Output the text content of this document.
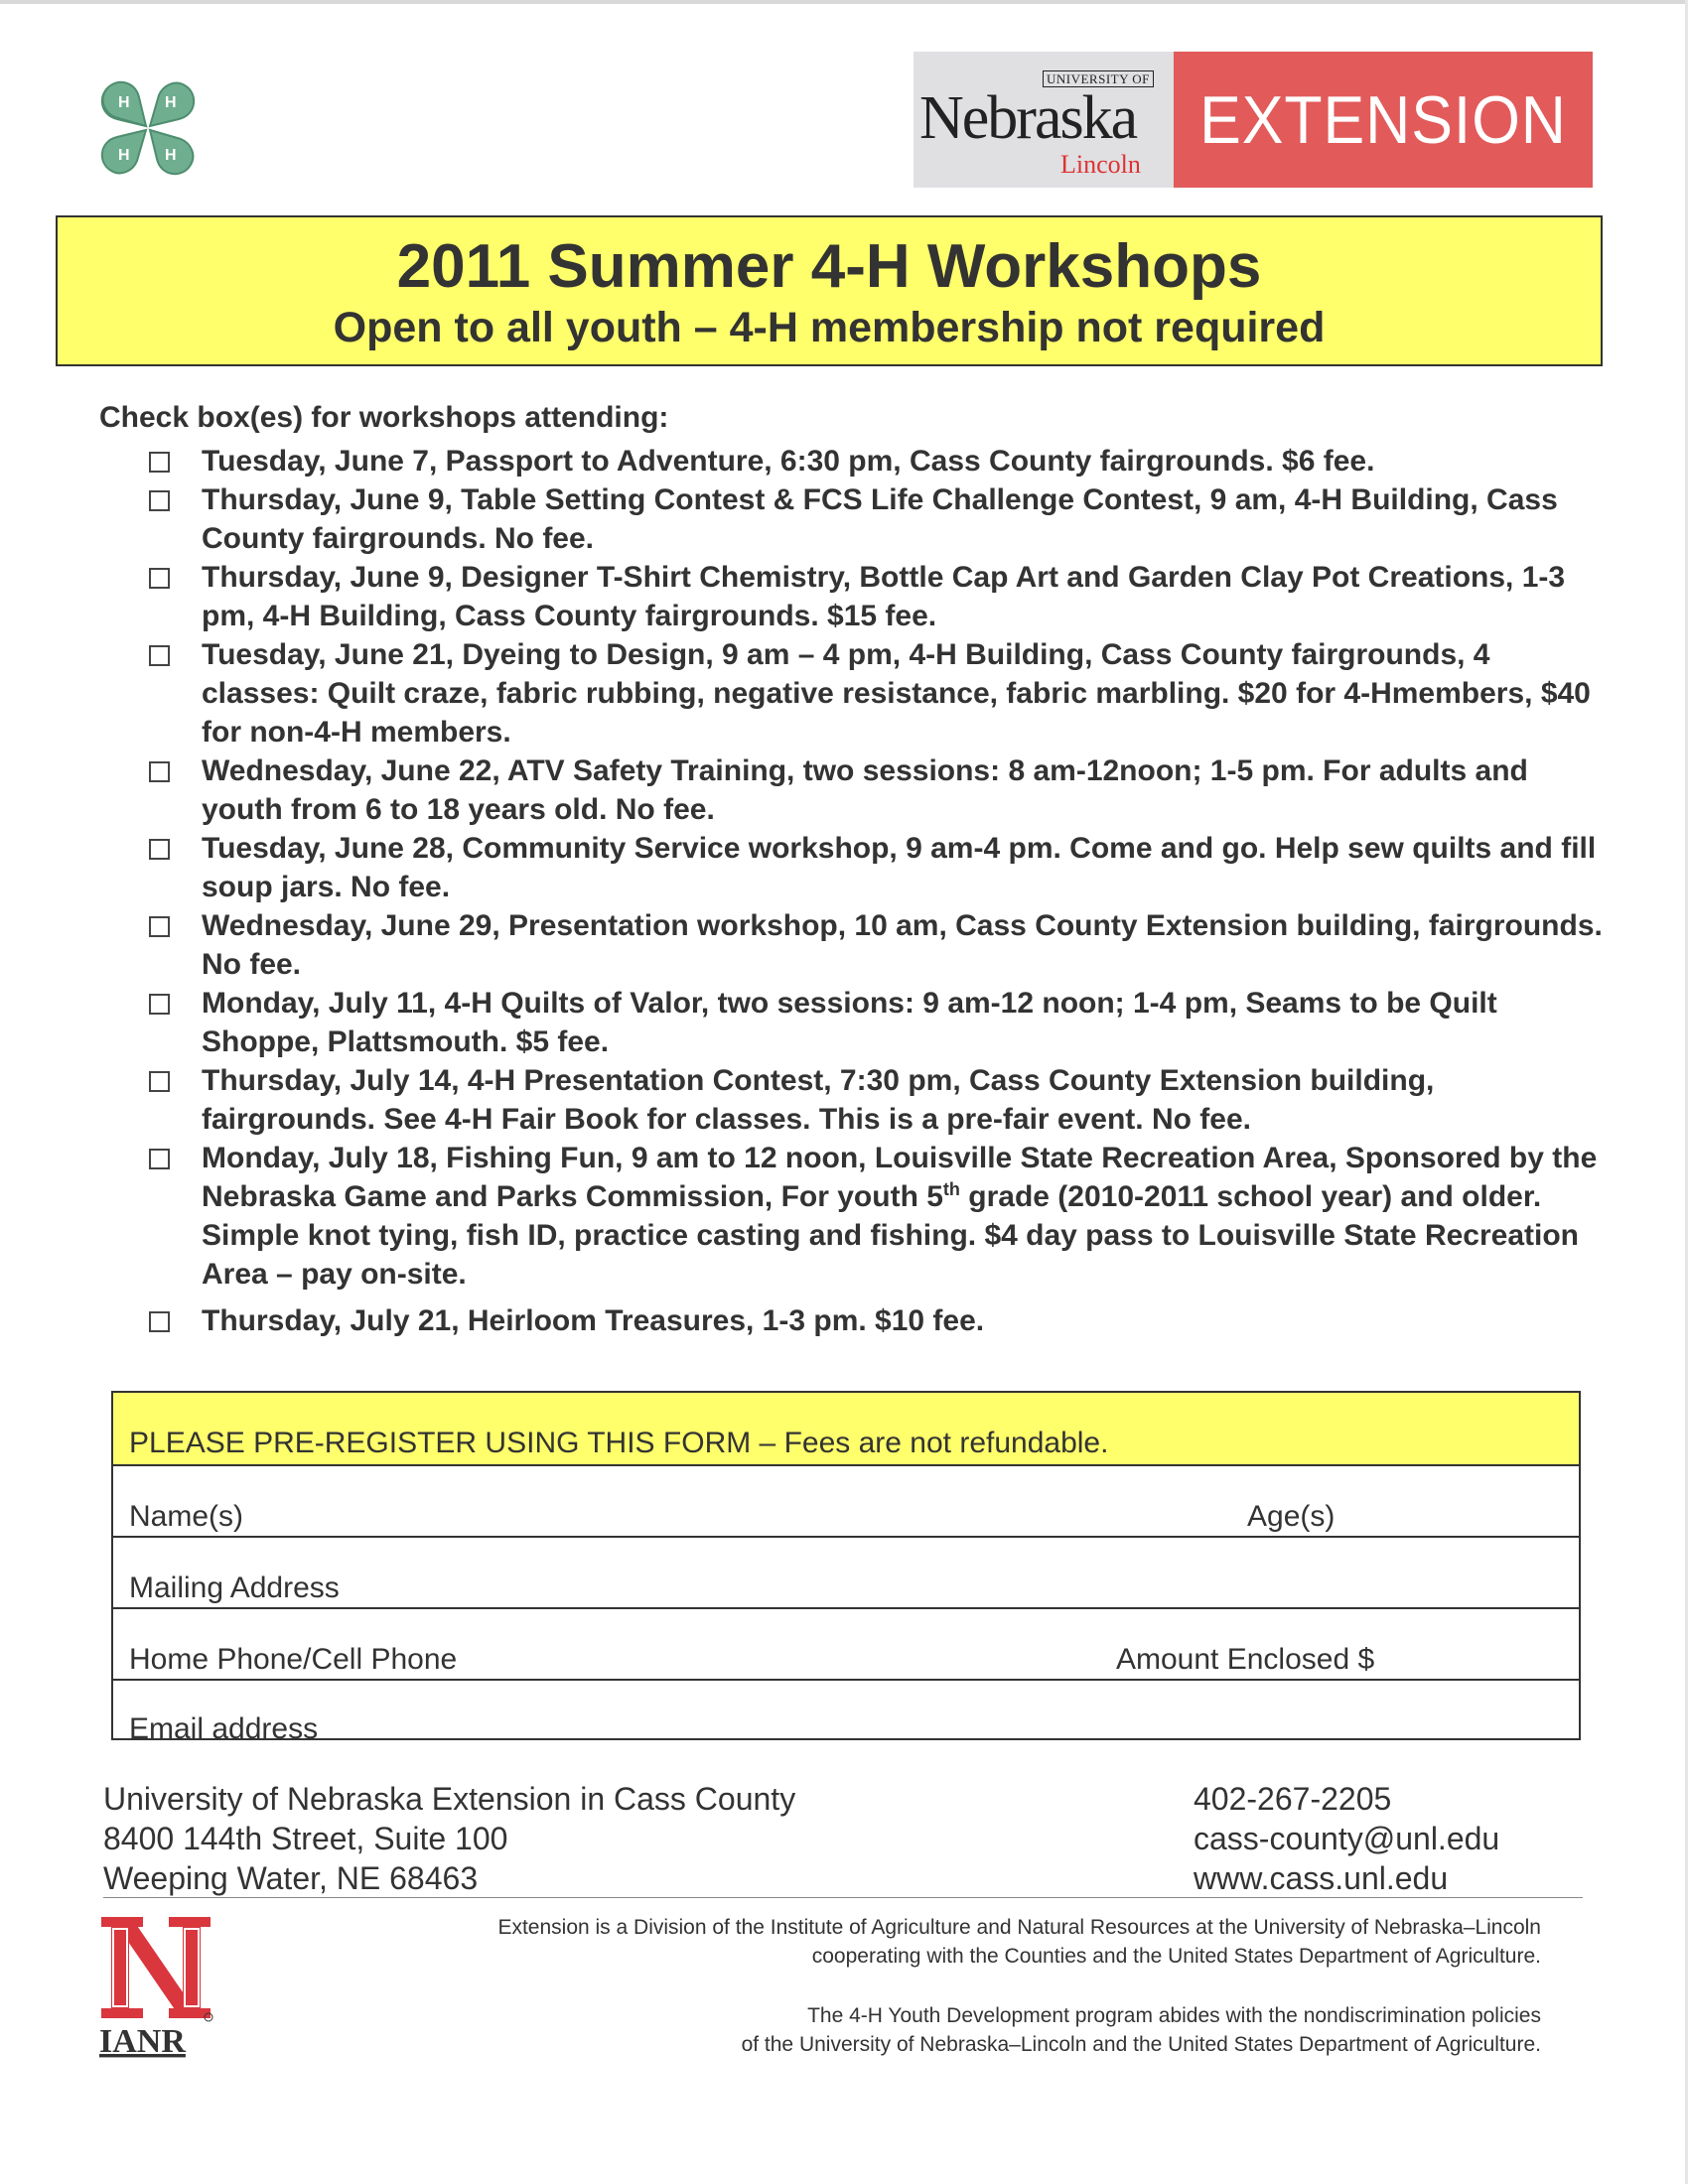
H H
H H
UNIVERSITY OF
Nebraska
Lincoln
EXTENSION
2011 Summer 4-H Workshops
Open to all youth – 4-H membership not required
Check box(es) for workshops attending:
Tuesday, June 7, Passport to Adventure, 6:30 pm, Cass County fairgrounds. $6 fee.
Thursday, June 9, Table Setting Contest & FCS Life Challenge Contest, 9 am, 4-H Building, Cass County fairgrounds. No fee.
Thursday, June 9, Designer T-Shirt Chemistry, Bottle Cap Art and Garden Clay Pot Creations, 1-3 pm, 4-H Building, Cass County fairgrounds. $15 fee.
Tuesday, June 21, Dyeing to Design, 9 am – 4 pm, 4-H Building, Cass County fairgrounds, 4 classes: Quilt craze, fabric rubbing, negative resistance, fabric marbling. $20 for 4-Hmembers, $40 for non-4-H members.
Wednesday, June 22, ATV Safety Training, two sessions: 8 am-12noon; 1-5 pm. For adults and youth from 6 to 18 years old. No fee.
Tuesday, June 28, Community Service workshop, 9 am-4 pm. Come and go. Help sew quilts and fill soup jars. No fee.
Wednesday, June 29, Presentation workshop, 10 am, Cass County Extension building, fairgrounds. No fee.
Monday, July 11, 4-H Quilts of Valor, two sessions: 9 am-12 noon; 1-4 pm, Seams to be Quilt Shoppe, Plattsmouth. $5 fee.
Thursday, July 14, 4-H Presentation Contest, 7:30 pm, Cass County Extension building, fairgrounds. See 4-H Fair Book for classes. This is a pre-fair event. No fee.
Monday, July 18, Fishing Fun, 9 am to 12 noon, Louisville State Recreation Area, Sponsored by the Nebraska Game and Parks Commission, For youth 5th grade (2010-2011 school year) and older. Simple knot tying, fish ID, practice casting and fishing. $4 day pass to Louisville State Recreation Area – pay on-site.
Thursday, July 21, Heirloom Treasures, 1-3 pm. $10 fee.
PLEASE PRE-REGISTER USING THIS FORM – Fees are not refundable.
Name(s)	Age(s)
Mailing Address
Home Phone/Cell Phone	Amount Enclosed $
Email address
University of Nebraska Extension in Cass County
8400 144th Street, Suite 100
Weeping Water, NE 68463
402-267-2205
cass-county@unl.edu
www.cass.unl.edu
IANR
Extension is a Division of the Institute of Agriculture and Natural Resources at the University of Nebraska–Lincoln
cooperating with the Counties and the United States Department of Agriculture.
The 4-H Youth Development program abides with the nondiscrimination policies
of the University of Nebraska–Lincoln and the United States Department of Agriculture.
